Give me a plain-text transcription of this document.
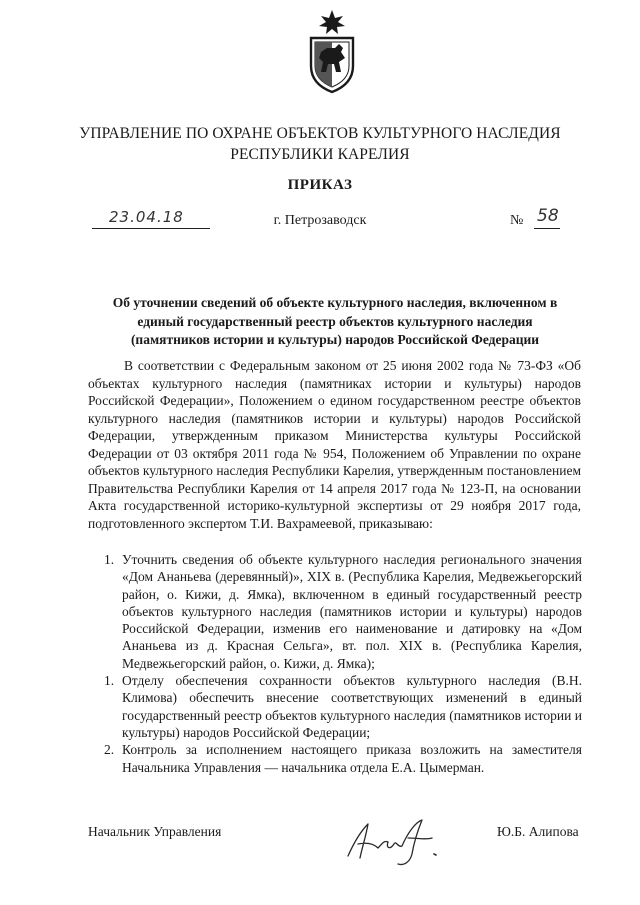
УПРАВЛЕНИЕ ПО ОХРАНЕ ОБЪЕКТОВ КУЛЬТУРНОГО НАСЛЕДИЯ
РЕСПУБЛИКИ КАРЕЛИЯ
ПРИКАЗ
23.04.18	г. Петрозаводск	№ 58
Об уточнении сведений об объекте культурного наследия, включенном в
единый государственный реестр объектов культурного наследия
(памятников истории и культуры) народов Российской Федерации

В соответствии с Федеральным законом от 25 июня 2002 года № 73-ФЗ «Об объектах культурного наследия (памятниках истории и культуры) народов Российской Федерации», Положением о едином государственном реестре объектов культурного наследия (памятников истории и культуры) народов Российской Федерации, утвержденным приказом Министерства культуры Российской Федерации от 03 октября 2011 года № 954, Положением об Управлении по охране объектов культурного наследия Республики Карелия, утвержденным постановлением Правительства Республики Карелия от 14 апреля 2017 года № 123-П, на основании Акта государственной историко-культурной экспертизы от 29 ноября 2017 года, подготовленного экспертом Т.И. Вахрамеевой, приказываю:

1. Уточнить сведения об объекте культурного наследия регионального значения «Дом Ананьева (деревянный)», XIX в. (Республика Карелия, Медвежьегорский район, о. Кижи, д. Ямка), включенном в единый государственный реестр объектов культурного наследия (памятников истории и культуры) народов Российской Федерации, изменив его наименование и датировку на «Дом Ананьева из д. Красная Сельга», вт. пол. XIX в. (Республика Карелия, Медвежьегорский район, о. Кижи, д. Ямка);
1. Отделу обеспечения сохранности объектов культурного наследия (В.Н. Климова) обеспечить внесение соответствующих изменений в единый государственный реестр объектов культурного наследия (памятников истории и культуры) народов Российской Федерации;
2. Контроль за исполнением настоящего приказа возложить на заместителя Начальника Управления — начальника отдела Е.А. Цымерман.
Начальник Управления	Ю.Б. Алипова
